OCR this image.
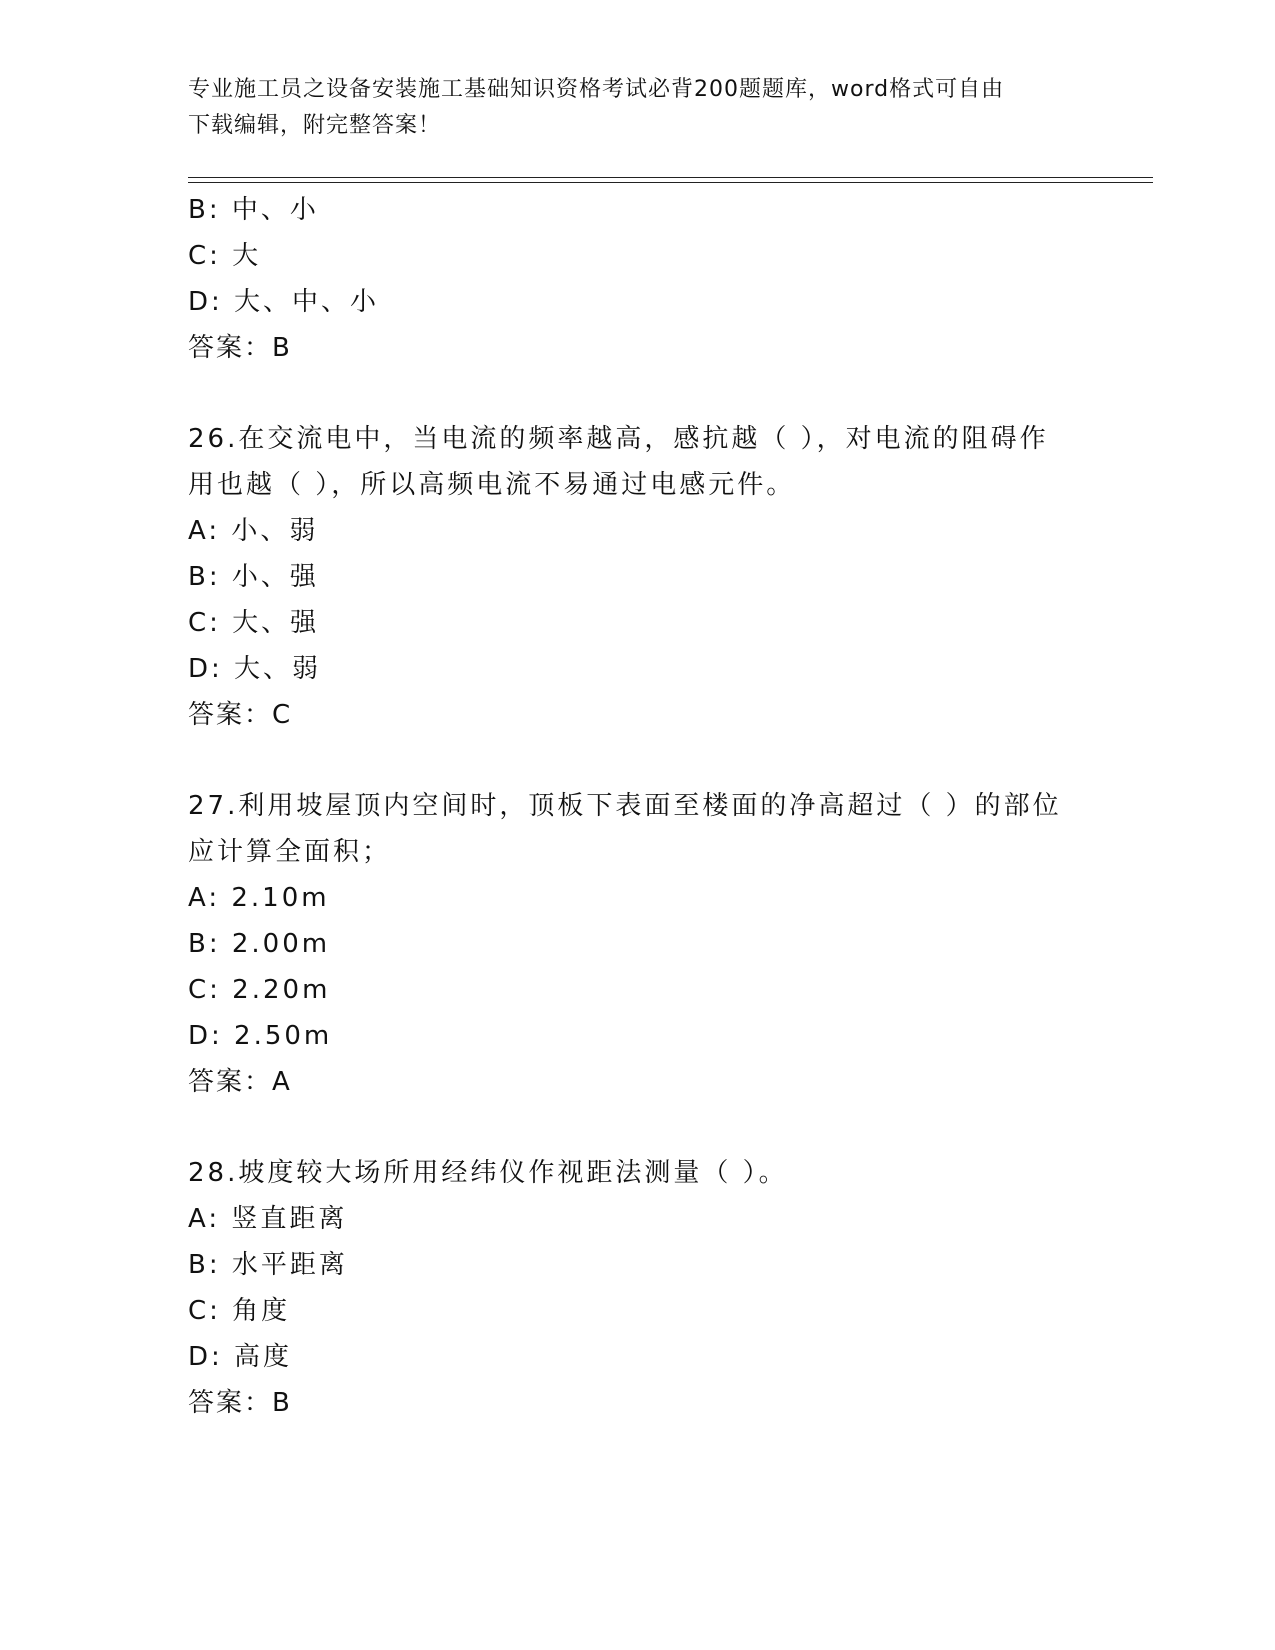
专业施工员之设备安装施工基础知识资格考试必背200题题库，word格式可自由
下载编辑，附完整答案！
B: 中、小
C: 大
D: 大、中、小
答案：B
26.在交流电中，当电流的频率越高，感抗越（ ），对电流的阻碍作
用也越（ ），所以高频电流不易通过电感元件。
A: 小、弱
B: 小、强
C: 大、强
D: 大、弱
答案：C
27.利用坡屋顶内空间时，顶板下表面至楼面的净高超过（ ）的部位
应计算全面积；
A: 2.10m
B: 2.00m
C: 2.20m
D: 2.50m
答案：A
28.坡度较大场所用经纬仪作视距法测量（ ）。
A: 竖直距离
B: 水平距离
C: 角度
D: 高度
答案：B
